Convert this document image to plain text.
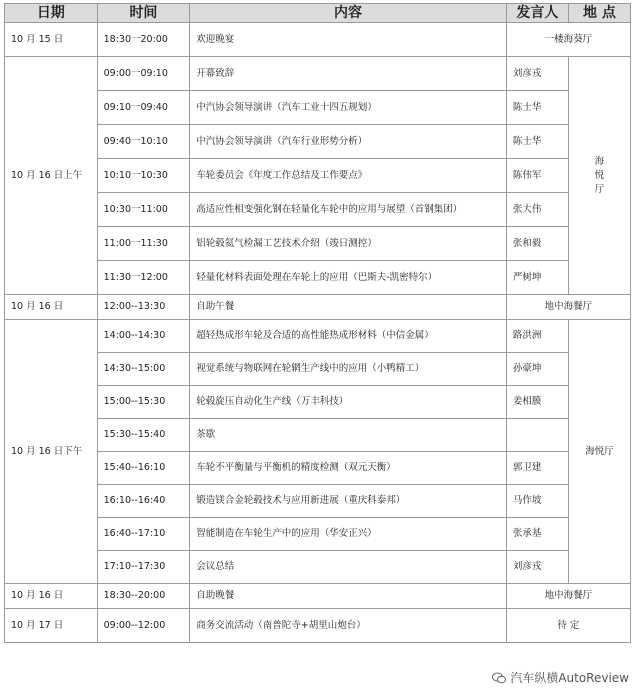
日期	时间	内容	发言人	地 点
10 月 15 日	18:30一20:00	欢迎晚宴	一楼海葵厅	
10 月 16 日上午	09:00一09:10	开幕致辞	刘彦戎	海悦厅
	09:10一09:40	中汽协会领导演讲（汽车工业十四五规划）	陈士华	
	09:40一10:10	中汽协会领导演讲（汽车行业形势分析）	陈士华	
	10:10一10:30	车轮委员会《年度工作总结及工作要点》	陈伟军	
	10:30一11:00	高适应性相变强化钢在轻量化车轮中的应用与展望（首钢集团）	张大伟	
	11:00一11:30	铝轮毂氦气检漏工艺技术介绍（竣日测控）	张和毅	
	11:30一12:00	轻量化材料表面处理在车轮上的应用（巴斯夫-凯密特尔）	严树坤	
10 月 16 日	12:00--13:30	自助午餐	地中海餐厅	
10 月 16 日下午	14:00--14:30	超轻热成形车轮及合适的高性能热成形材料（中信金属）	路洪洲	海悦厅
	14:30--15:00	视觉系统与物联网在轮辋生产线中的应用（小鸭精工）	孙豪坤	
	15:00--15:30	轮毂旋压自动化生产线（万丰科技）	姜相膜	
	15:30--15:40	茶歇		
	15:40--16:10	车轮不平衡量与平衡机的精度检测（双元天衡）	郭卫建	
	16:10--16:40	锻造镁合金轮毂技术与应用新进展（重庆科泰邦）	马作坡	
	16:40--17:10	智能制造在车轮生产中的应用（华安正兴）	张承基	
	17:10--17:30	会议总结	刘彦戎	
10 月 16 日	18:30--20:00	自助晚餐	地中海餐厅	
10 月 17 日	09:00--12:00	商务交流活动（南普陀寺+胡里山炮台）	待 定	
汽车纵横AutoReview
